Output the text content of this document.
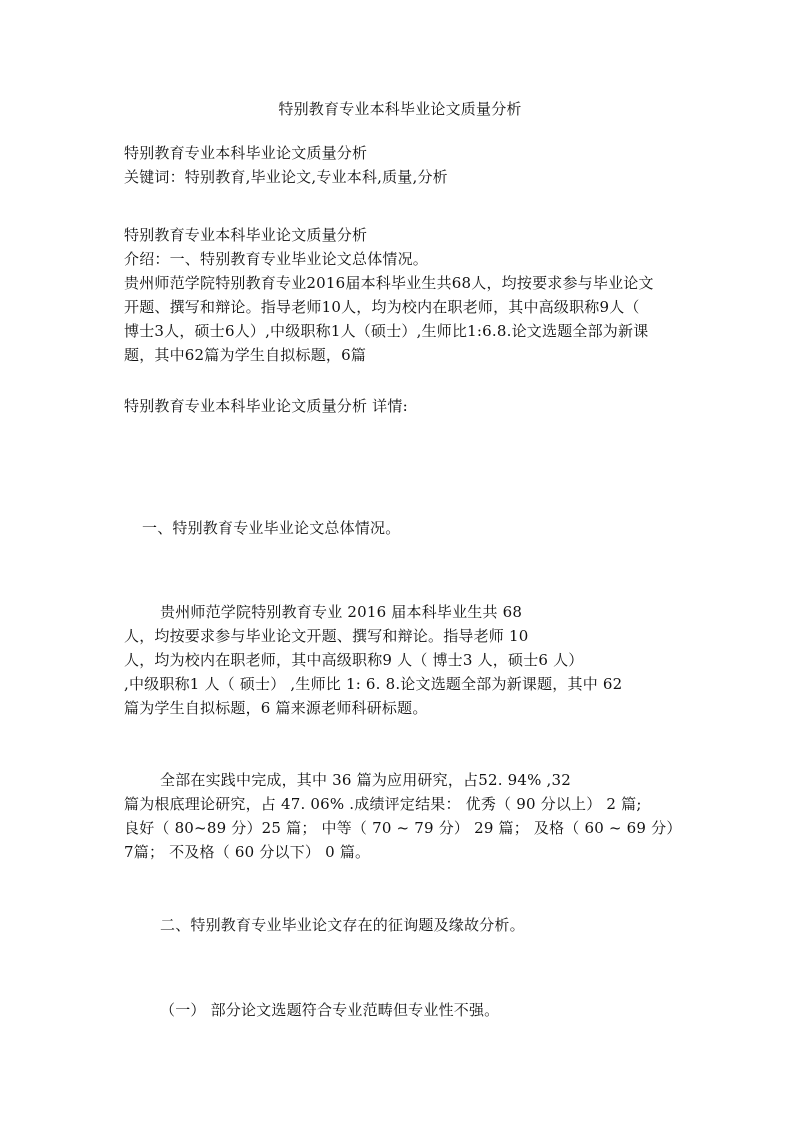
特别教育专业本科毕业论文质量分析
特别教育专业本科毕业论文质量分析
关键词：特别教育,毕业论文,专业本科,质量,分析
特别教育专业本科毕业论文质量分析
介绍：一、特别教育专业毕业论文总体情况。
贵州师范学院特别教育专业2016届本科毕业生共68人，均按要求参与毕业论文
开题、撰写和辩论。指导老师10人，均为校内在职老师，其中高级职称9人（
博士3人，硕士6人）,中级职称1人（硕士）,生师比1:6.8.论文选题全部为新课
题，其中62篇为学生自拟标题，6篇
特别教育专业本科毕业论文质量分析 详情:
一、特别教育专业毕业论文总体情况。
贵州师范学院特别教育专业 2016 届本科毕业生共 68
人，均按要求参与毕业论文开题、撰写和辩论。指导老师 10
人，均为校内在职老师，其中高级职称9 人（ 博士3 人，硕士6 人）
,中级职称1 人（ 硕士） ,生师比 1: 6. 8.论文选题全部为新课题，其中 62
篇为学生自拟标题，6 篇来源老师科研标题。
全部在实践中完成，其中 36 篇为应用研究，占52. 94% ,32
篇为根底理论研究，占 47. 06% .成绩评定结果： 优秀（ 90 分以上） 2 篇;
良好（ 80~89 分）25 篇； 中等（ 70 ~ 79 分） 29 篇； 及格（ 60 ~ 69 分）
7篇； 不及格（ 60 分以下） 0 篇。
二、特别教育专业毕业论文存在的征询题及缘故分析。
（一） 部分论文选题符合专业范畴但专业性不强。
